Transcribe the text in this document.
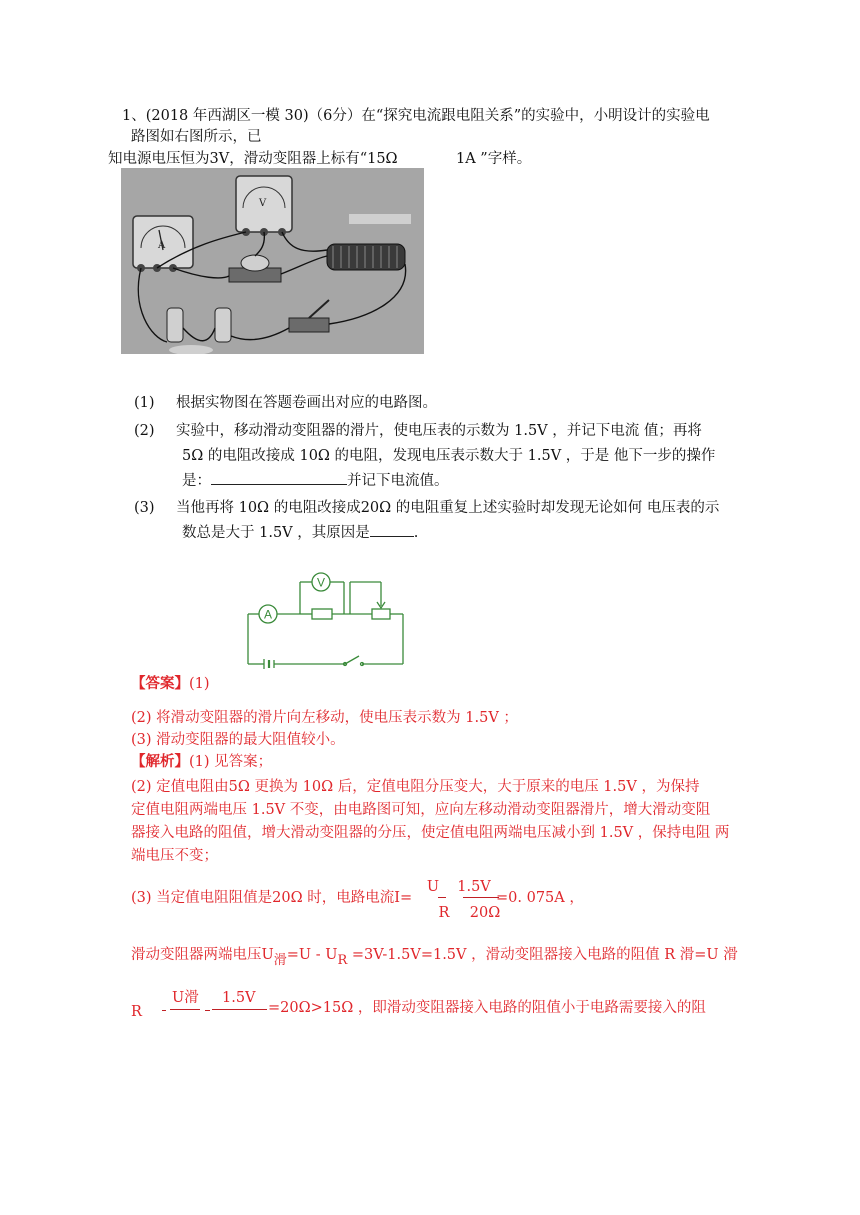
1、(2018 年西湖区一模 30)（6分）在“探究电流跟电阻关系”的实验中，小明设计的实验电
路图如右图所示，已
知电源电压恒为3V，滑动变阻器上标有“15Ω	1A ”字样。
A
V
(1) 根据实物图在答题卷画出对应的电路图。
(2) 实验中，移动滑动变阻器的滑片，使电压表的示数为 1.5V ，并记下电流 值；再将
5Ω 的电阻改接成 10Ω 的电阻，发现电压表示数大于 1.5V ，于是 他下一步的操作
是：	并记下电流值。
(3) 当他再将 10Ω 的电阻改接成20Ω 的电阻重复上述实验时却发现无论如何 电压表的示
数总是大于 1.5V ，其原因是	.
A
V
【答案】(1)
(2) 将滑动变阻器的滑片向左移动，使电压表示数为 1.5V ；
(3) 滑动变阻器的最大阻值较小。
【解析】(1) 见答案；
(2) 定值电阻由5Ω 更换为 10Ω 后，定值电阻分压变大，大于原来的电压 1.5V ，为保持
定值电阻两端电压 1.5V 不变，由电路图可知，应向左移动滑动变阻器滑片，增大滑动变阻
器接入电路的阻值，增大滑动变阻器的分压，使定值电阻两端电压减小到 1.5V ，保持电阻 两
端电压不变；
(3) 当定值电阻阻值是20Ω 时，电路电流I=
U
R
1.5V
20Ω
=0. 075A ，
滑动变阻器两端电压U滑=U - UR =3V-1.5V=1.5V ，滑动变阻器接入电路的阻值 R 滑=U 滑
R
U滑 1.5V
=20Ω>15Ω ，即滑动变阻器接入电路的阻值小于电路需要接入的阻
